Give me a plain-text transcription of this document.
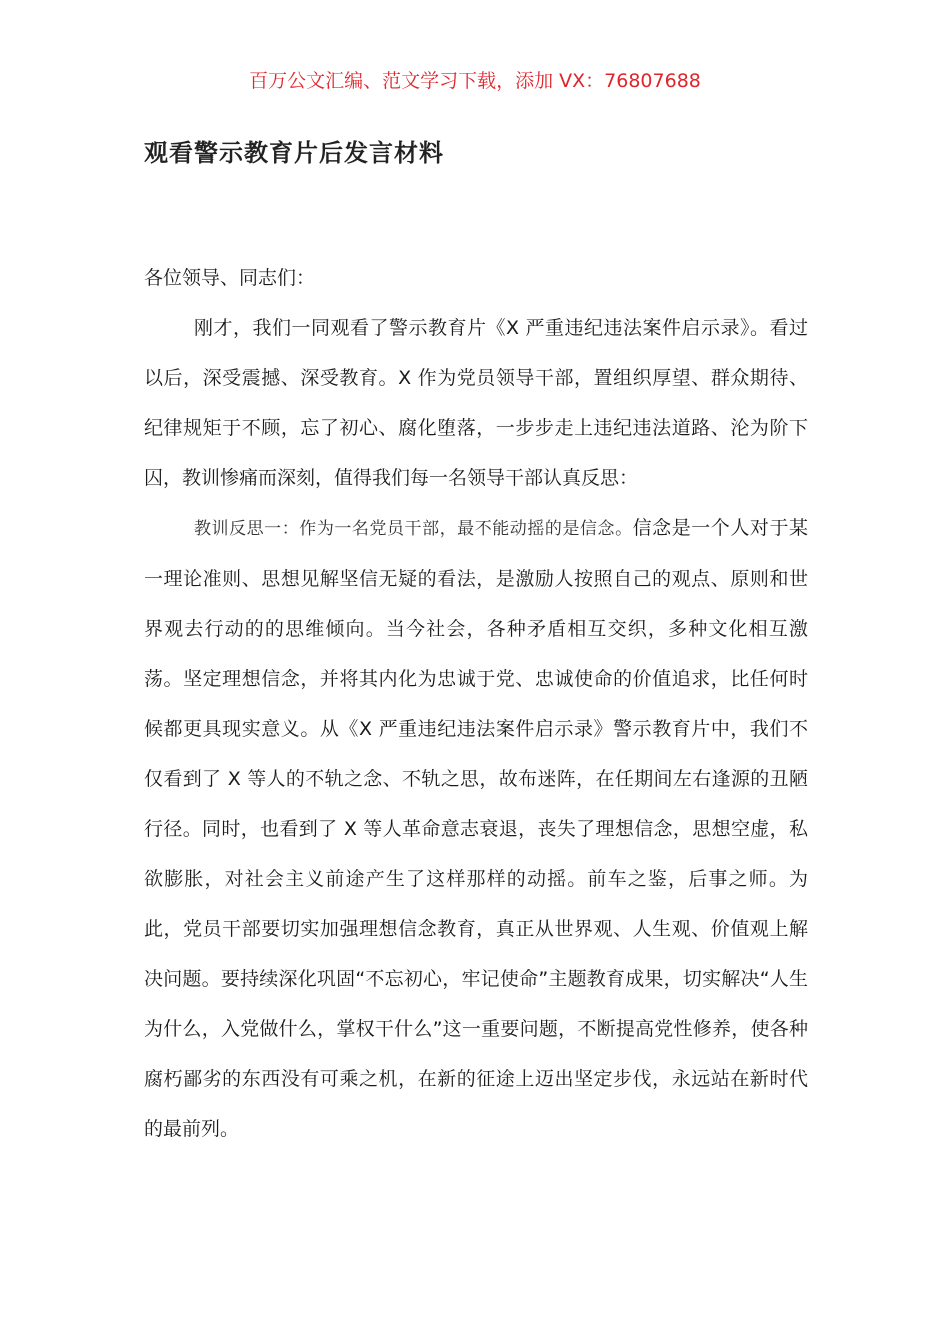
百万公文汇编、范文学习下载，添加 VX：76807688
观看警示教育片后发言材料

各位领导、同志们：

刚才，我们一同观看了警示教育片《X 严重违纪违法案件启示录》。看过以后，深受震撼、深受教育。X 作为党员领导干部，置组织厚望、群众期待、纪律规矩于不顾，忘了初心、腐化堕落，一步步走上违纪违法道路、沦为阶下囚，教训惨痛而深刻，值得我们每一名领导干部认真反思：

教训反思一：作为一名党员干部，最不能动摇的是信念。信念是一个人对于某一理论准则、思想见解坚信无疑的看法，是激励人按照自己的观点、原则和世界观去行动的的思维倾向。当今社会，各种矛盾相互交织，多种文化相互激荡。坚定理想信念，并将其内化为忠诚于党、忠诚使命的价值追求，比任何时候都更具现实意义。从《X 严重违纪违法案件启示录》警示教育片中，我们不仅看到了 X 等人的不轨之念、不轨之思，故布迷阵，在任期间左右逢源的丑陋行径。同时，也看到了 X 等人革命意志衰退，丧失了理想信念，思想空虚，私欲膨胀，对社会主义前途产生了这样那样的动摇。前车之鉴，后事之师。为此，党员干部要切实加强理想信念教育，真正从世界观、人生观、价值观上解决问题。要持续深化巩固“不忘初心，牢记使命”主题教育成果，切实解决“人生为什么，入党做什么，掌权干什么”这一重要问题，不断提高党性修养，使各种腐朽鄙劣的东西没有可乘之机，在新的征途上迈出坚定步伐，永远站在新时代的最前列。
